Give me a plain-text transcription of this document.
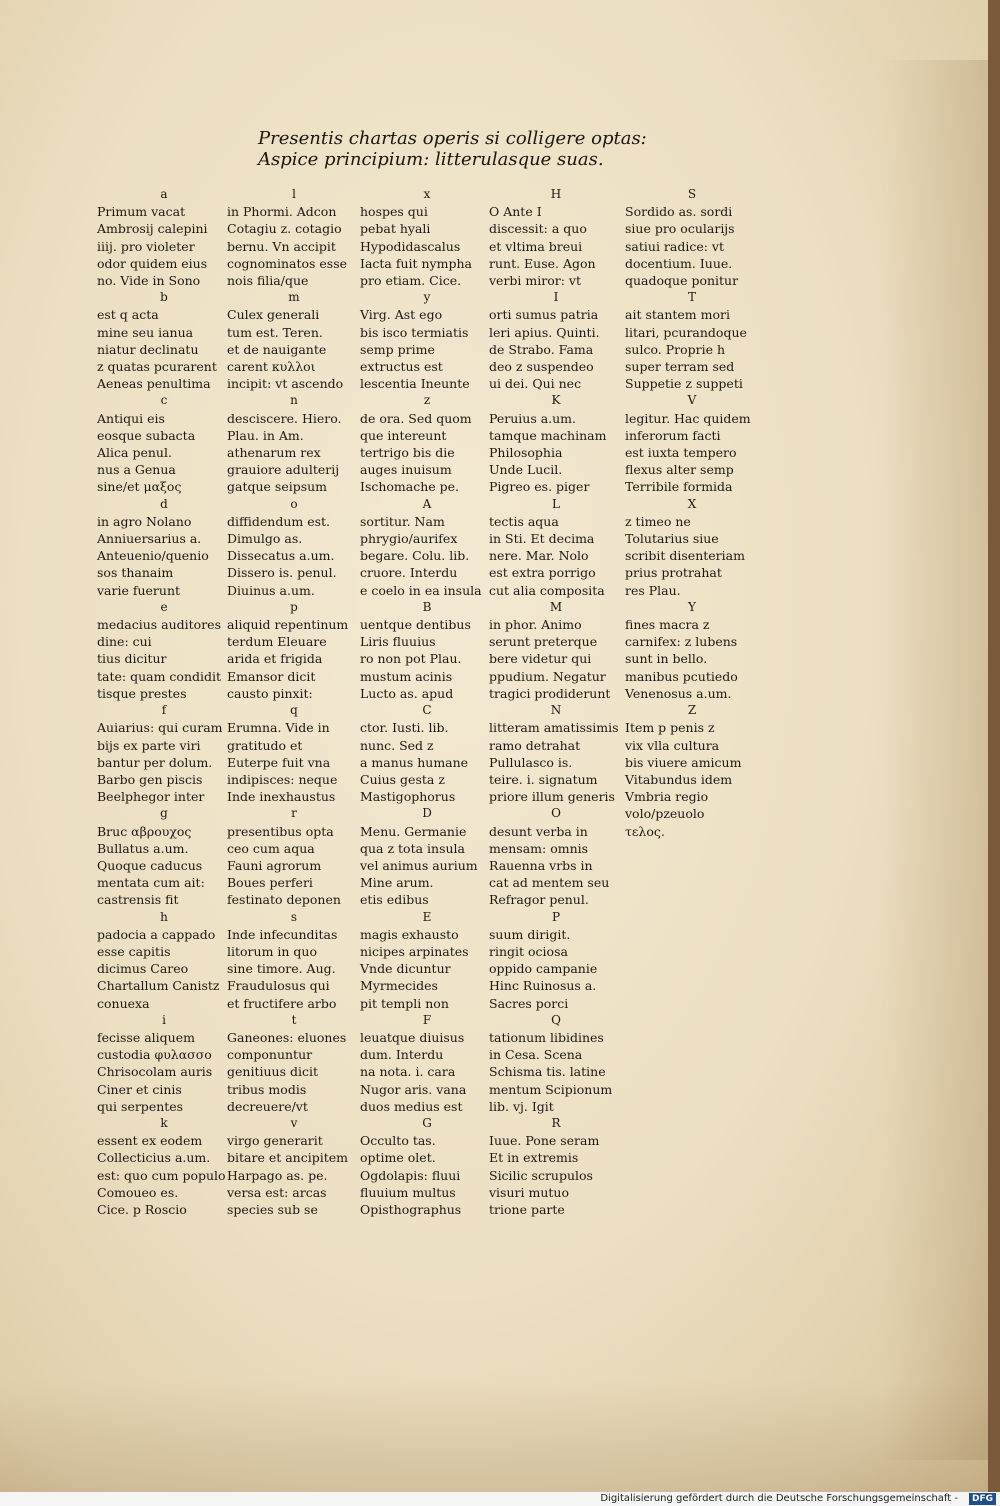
Presentis chartas operis si colligere optas:
Aspice principium: litterulasque suas.
a
Primum vacat
Ambrosij calepini
iiij. pro violeter
odor quidem eius
no. Vide in Sono
b
est q acta
mine seu ianua
niatur declinatu
z quatas pcurarent
Aeneas penultima
c
Antiqui eis
eosque subacta
Alica penul.
nus a Genua
sine/et μαξος
d
in agro Nolano
Anniuersarius a.
Anteuenio/quenio
sos thanaim
varie fuerunt
e
medacius auditores
dine: cui
tius dicitur
tate: quam condidit
tisque prestes
f
Auiarius: qui curam
bijs ex parte viri
bantur per dolum.
Barbo gen piscis
Beelphegor inter
g
Bruc αβρουχος
Bullatus a.um.
Quoque caducus
mentata cum ait:
castrensis fit
h
padocia a cappado
esse capitis
dicimus Careo
Chartallum Canistz
conuexa
i
fecisse aliquem
custodia φυλασσο
Chrisocolam auris
Ciner et cinis
qui serpentes
k
essent ex eodem
Collecticius a.um.
est: quo cum populo
Comoueo es.
Cice. p Roscio
l
in Phormi. Adcon
Cotagiu z. cotagio
bernu. Vn accipit
cognominatos esse
nois filia/que
m
Culex generali
tum est. Teren.
et de nauigante
carent κυλλοι
incipit: vt ascendo
n
desciscere. Hiero.
Plau. in Am.
athenarum rex
grauiore adulterij
gatque seipsum
o
diffidendum est.
Dimulgo as.
Dissecatus a.um.
Dissero is. penul.
Diuinus a.um.
p
aliquid repentinum
terdum Eleuare
arida et frigida
Emansor dicit
causto pinxit:
q
Erumna. Vide in
gratitudo et
Euterpe fuit vna
indipisces: neque
Inde inexhaustus
r
presentibus opta
ceo cum aqua
Fauni agrorum
Boues perferi
festinato deponen
s
Inde infecunditas
litorum in quo
sine timore. Aug.
Fraudulosus qui
et fructifere arbo
t
Ganeones: eluones
componuntur
genitiuus dicit
tribus modis
decreuere/vt
v
virgo generarit
bitare et ancipitem
Harpago as. pe.
versa est: arcas
species sub se
x
hospes qui
pebat hyali
Hypodidascalus
Iacta fuit nympha
pro etiam. Cice.
y
Virg. Ast ego
bis isco termiatis
semp prime
extructus est
lescentia Ineunte
z
de ora. Sed quom
que intereunt
tertrigo bis die
auges inuisum
Ischomache pe.
A
sortitur. Nam
phrygio/aurifex
begare. Colu. lib.
cruore. Interdu
e coelo in ea insula
B
uentque dentibus
Liris fluuius
ro non pot Plau.
mustum acinis
Lucto as. apud
C
ctor. Iusti. lib.
nunc. Sed z
a manus humane
Cuius gesta z
Mastigophorus
D
Menu. Germanie
qua z tota insula
vel animus aurium
Mine arum.
etis edibus
E
magis exhausto
nicipes arpinates
Vnde dicuntur
Myrmecides
pit templi non
F
leuatque diuisus
dum. Interdu
na nota. i. cara
Nugor aris. vana
duos medius est
G
Occulto tas.
optime olet.
Ogdolapis: fluui
fluuium multus
Opisthographus
H
O Ante I
discessit: a quo
et vltima breui
runt. Euse. Agon
verbi miror: vt
I
orti sumus patria
leri apius. Quinti.
de Strabo. Fama
deo z suspendeo
ui dei. Qui nec
K
Peruius a.um.
tamque machinam
Philosophia
Unde Lucil.
Pigreo es. piger
L
tectis aqua
in Sti. Et decima
nere. Mar. Nolo
est extra porrigo
cut alia composita
M
in phor. Animo
serunt preterque
bere videtur qui
ppudium. Negatur
tragici prodiderunt
N
litteram amatissimis
ramo detrahat
Pullulasco is.
teire. i. signatum
priore illum generis
O
desunt verba in
mensam: omnis
Rauenna vrbs in
cat ad mentem seu
Refragor penul.
P
suum dirigit.
ringit ociosa
oppido campanie
Hinc Ruinosus a.
Sacres porci
Q
tationum libidines
in Cesa. Scena
Schisma tis. latine
mentum Scipionum
lib. vj. Igit
R
Iuue. Pone seram
Et in extremis
Sicilic scrupulos
visuri mutuo
trione parte
S
Sordido as. sordi
siue pro ocularijs
satiui radice: vt
docentium. Iuue.
quadoque ponitur
T
ait stantem mori
litari, pcurandoque
sulco. Proprie h
super terram sed
Suppetie z suppeti
V
legitur. Hac quidem
inferorum facti
est iuxta tempero
flexus alter semp
Terribile formida
X
z timeo ne
Tolutarius siue
scribit disenteriam
prius protrahat
res Plau.
Y
fines macra z
carnifex: z lubens
sunt in bello.
manibus pcutiedo
Venenosus a.um.
Z
Item p penis z
vix vlla cultura
bis viuere amicum
Vitabundus idem
Vmbria regio
volo/pzeuolo
τελος.
Digitalisierung gefördert durch die Deutsche Forschungsgemeinschaft -	DFG
